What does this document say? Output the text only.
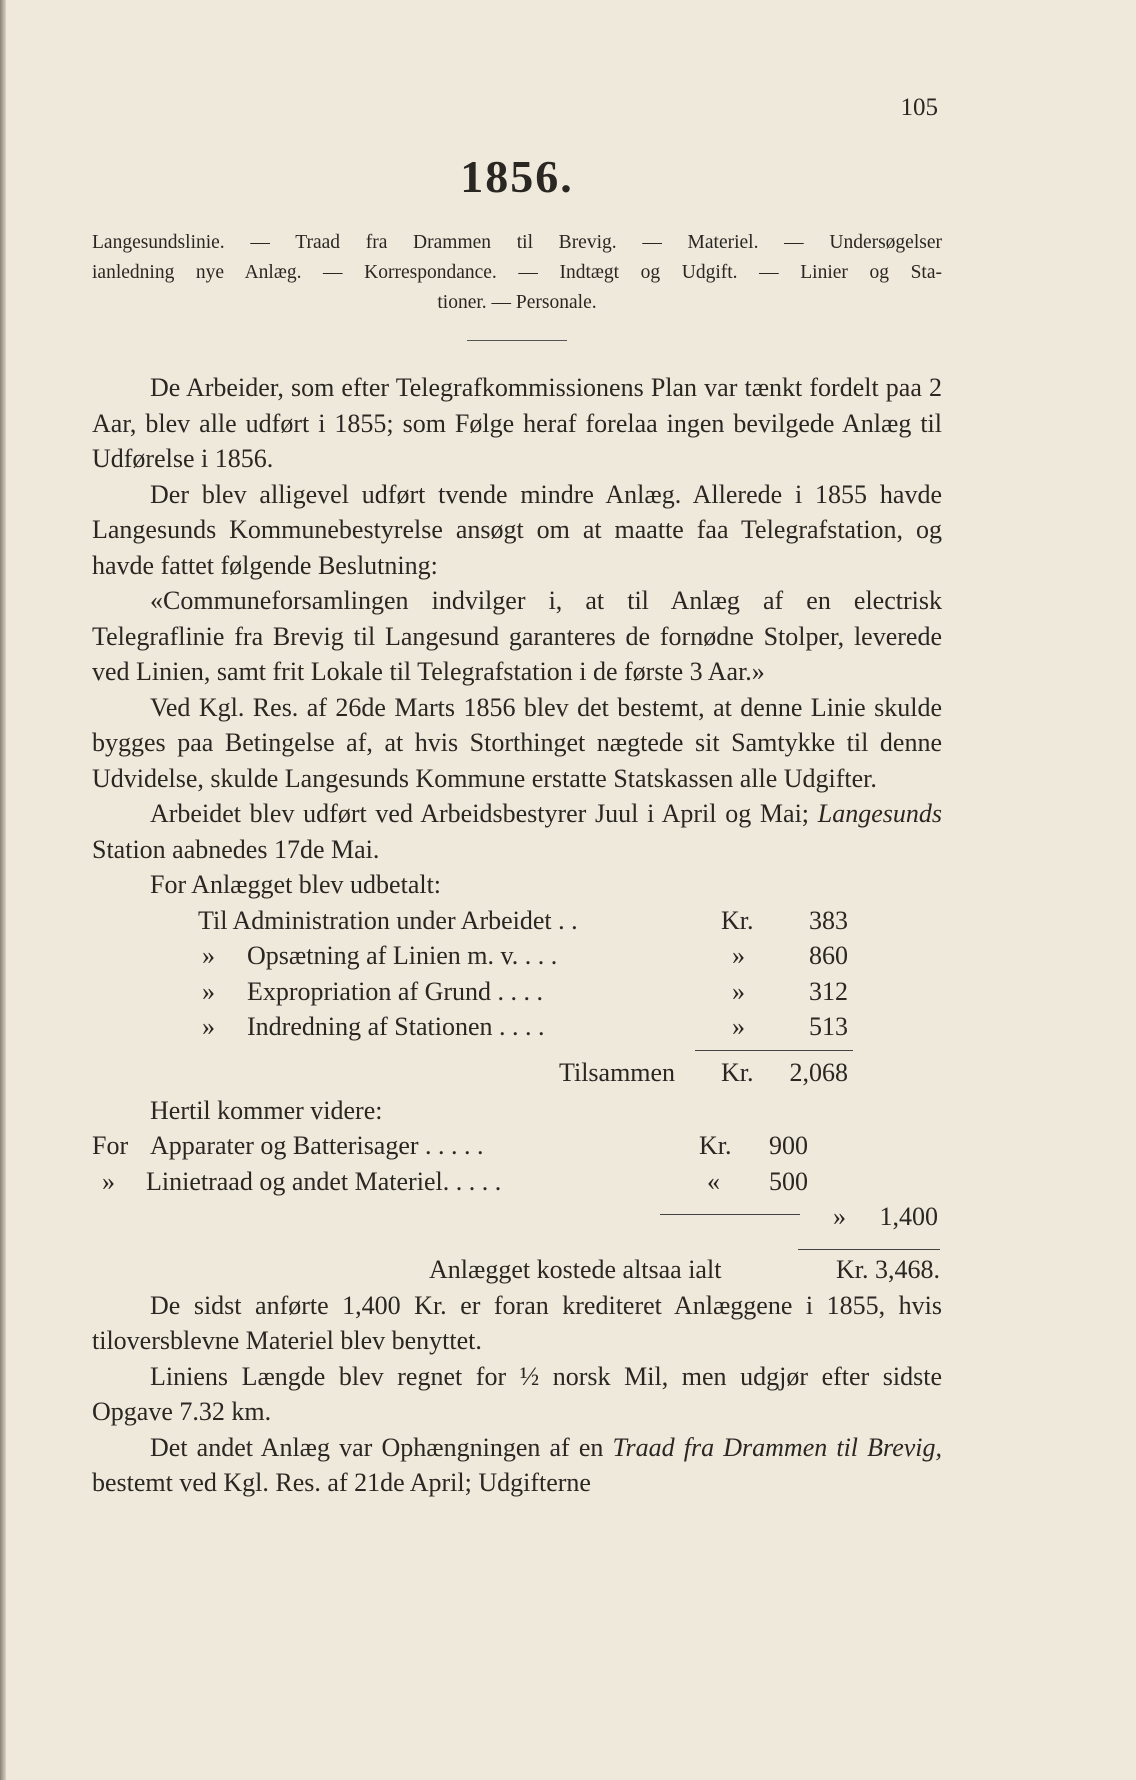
105
1856.
Langesundslinie. — Traad fra Drammen til Brevig. — Materiel. — Undersøgelser
ianledning nye Anlæg. — Korrespondance. — Indtægt og Udgift. — Linier og Sta-
tioner. — Personale.

De Arbeider, som efter Telegrafkommissionens Plan var tænkt fordelt paa 2 Aar, blev alle udført i 1855; som Følge heraf forelaa ingen bevilgede Anlæg til Udførelse i 1856.

Der blev alligevel udført tvende mindre Anlæg. Allerede i 1855 havde Langesunds Kommunebestyrelse ansøgt om at maatte faa Telegrafstation, og havde fattet følgende Beslutning:

«Communeforsamlingen indvilger i, at til Anlæg af en electrisk Telegraflinie fra Brevig til Langesund garanteres de fornødne Stolper, leverede ved Linien, samt frit Lokale til Telegrafstation i de første 3 Aar.»

Ved Kgl. Res. af 26de Marts 1856 blev det bestemt, at denne Linie skulde bygges paa Betingelse af, at hvis Storthinget nægtede sit Samtykke til denne Udvidelse, skulde Langesunds Kommune erstatte Statskassen alle Udgifter.

Arbeidet blev udført ved Arbeidsbestyrer Juul i April og Mai; Langesunds Station aabnedes 17de Mai.

For Anlægget blev udbetalt:

Til Administration under Arbeidet . .	Kr.	383
» Opsætning af Linien m. v. . . .	»	860
» Expropriation af Grund . . . .	»	312
» Indredning af Stationen . . . .	»	513
Tilsammen Kr.	2,068

Hertil kommer videre:

For Apparater og Batterisager . . . . .	Kr.	900
» Linietraad og andet Materiel. . . . .	«	500
»	1,400
Anlægget kostede altsaa ialt	Kr. 3,468.

De sidst anførte 1,400 Kr. er foran krediteret Anlæggene i 1855, hvis tiloversblevne Materiel blev benyttet.

Liniens Længde blev regnet for ½ norsk Mil, men udgjør efter sidste Opgave 7.32 km.

Det andet Anlæg var Ophængningen af en Traad fra Drammen til Brevig, bestemt ved Kgl. Res. af 21de April; Udgifterne
